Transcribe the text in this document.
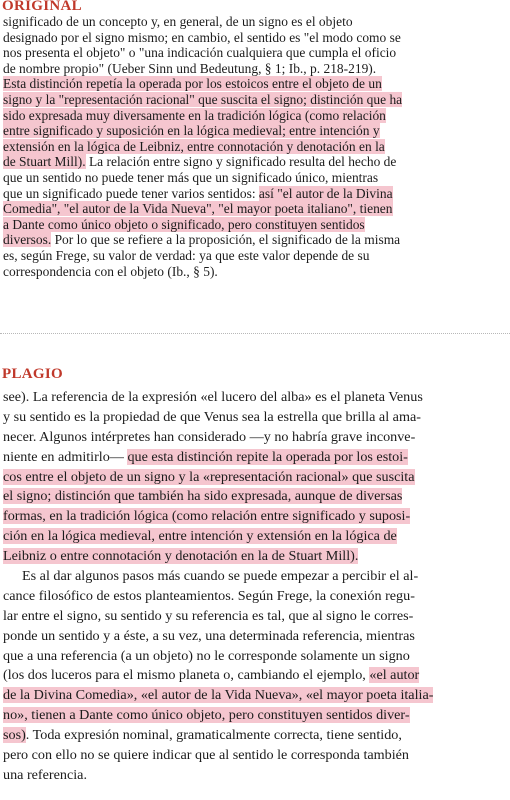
ORIGINAL
significado de un concepto y, en general, de un signo es el objeto
designado por el signo mismo; en cambio, el sentido es "el modo como se
nos presenta el objeto" o "una indicación cualquiera que cumpla el oficio
de nombre propio" (Ueber Sinn und Bedeutung, § 1; Ib., p. 218-219).
Esta distinción repetía la operada por los estoicos entre el objeto de un
signo y la "representación racional" que suscita el signo; distinción que ha
sido expresada muy diversamente en la tradición lógica (como relación
entre significado y suposición en la lógica medieval; entre intención y
extensión en la lógica de Leibniz, entre connotación y denotación en la
de Stuart Mill). La relación entre signo y significado resulta del hecho de
que un sentido no puede tener más que un significado único, mientras
que un significado puede tener varios sentidos: así "el autor de la Divina
Comedia", "el autor de la Vida Nueva", "el mayor poeta italiano", tienen
a Dante como único objeto o significado, pero constituyen sentidos
diversos. Por lo que se refiere a la proposición, el significado de la misma
es, según Frege, su valor de verdad: ya que este valor depende de su
correspondencia con el objeto (Ib., § 5).
PLAGIO
see). La referencia de la expresión «el lucero del alba» es el planeta Venus
y su sentido es la propiedad de que Venus sea la estrella que brilla al ama-
necer. Algunos intérpretes han considerado —y no habría grave inconve-
niente en admitirlo— que esta distinción repite la operada por los estoi-
cos entre el objeto de un signo y la «representación racional» que suscita
el signo; distinción que también ha sido expresada, aunque de diversas
formas, en la tradición lógica (como relación entre significado y suposi-
ción en la lógica medieval, entre intención y extensión en la lógica de
Leibniz o entre connotación y denotación en la de Stuart Mill).
Es al dar algunos pasos más cuando se puede empezar a percibir el al-
cance filosófico de estos planteamientos. Según Frege, la conexión regu-
lar entre el signo, su sentido y su referencia es tal, que al signo le corres-
ponde un sentido y a éste, a su vez, una determinada referencia, mientras
que a una referencia (a un objeto) no le corresponde solamente un signo
(los dos luceros para el mismo planeta o, cambiando el ejemplo, «el autor
de la Divina Comedia», «el autor de la Vida Nueva», «el mayor poeta italia-
no», tienen a Dante como único objeto, pero constituyen sentidos diver-
sos). Toda expresión nominal, gramaticalmente correcta, tiene sentido,
pero con ello no se quiere indicar que al sentido le corresponda también
una referencia.
